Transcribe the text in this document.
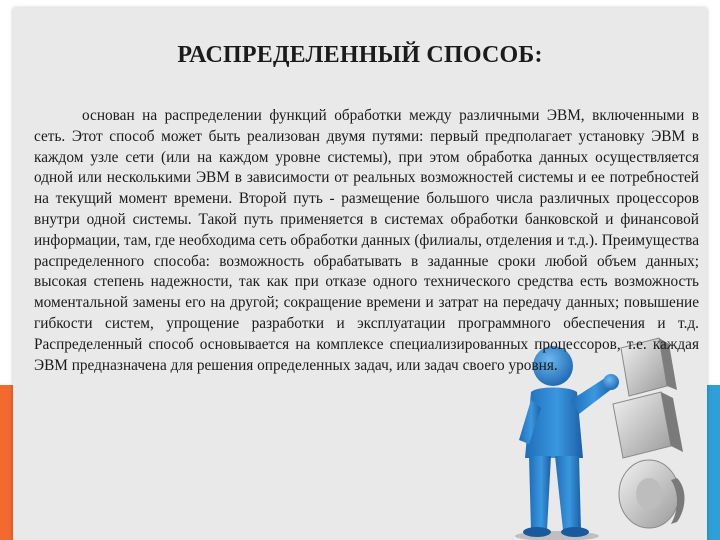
РАСПРЕДЕЛЕННЫЙ СПОСОБ:

основан на распределении функций обработки между различными ЭВМ, включенными в сеть. Этот способ может быть реализован двумя путями: первый предполагает установку ЭВМ в каждом узле сети (или на каждом уровне системы), при этом обработка данных осуществляется одной или несколькими ЭВМ в зависимости от реальных возможностей системы и ее потребностей на текущий момент времени. Второй путь - размещение большого числа различных процессоров внутри одной системы. Такой путь применяется в системах обработки банковской и финансовой информации, там, где необходима сеть обработки данных (филиалы, отделения и т.д.). Преимущества распределенного способа: возможность обрабатывать в заданные сроки любой объем данных; высокая степень надежности, так как при отказе одного технического средства есть возможность моментальной замены его на другой; сокращение времени и затрат на передачу данных; повышение гибкости систем, упрощение разработки и эксплуатации программного обеспечения и т.д. Распределенный способ основывается на комплексе специализированных процессоров, т.е. каждая ЭВМ предназначена для решения определенных задач, или задач своего уровня.
